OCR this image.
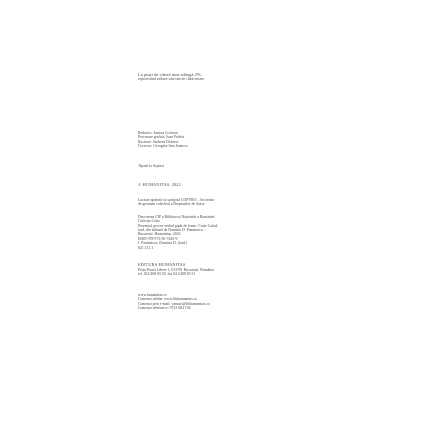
La puști de vârstă mea adăugă 2%,
repovestind vulture-ului tim de clără iertare.
Redactor: Iustina Croitoru
Procesare grafică: Ioan Fridrie
Ilustrare: Andreea Dobreci
Corector: Georgeta-Ana Ionescu
Tiparit la Arpiest
© HUMANITAS, 2022
Lucrare apărută cu sprijinul COPYRO – Societate
de gestiune colectivă a Drepturilor de Autor
Descrierea CIP a Bibliotecii Naționale a României
Colecția Carte
Prezentul proces-verbal pipăi de lemn / Carte Cafad;
trad. din italiană de Dumitru D. Panaitescu –
București: Humanitas, 2022
ISBN 978-973-50-7445-9
I. Panaitescu, Dumitru D. (trad.)
821.131.1
EDITURA HUMANITAS
Piața Presei Libere 1, 013701 București, România
tel. 021/408 83 50, fax 021/408 83 51
www.humanitas.ro
Comenzi online: www.libhumanitas.ro
Comenzi prin e-mail: vanzari@libhumanitas.ro
Comenzi telefonice: 0723 684 194
